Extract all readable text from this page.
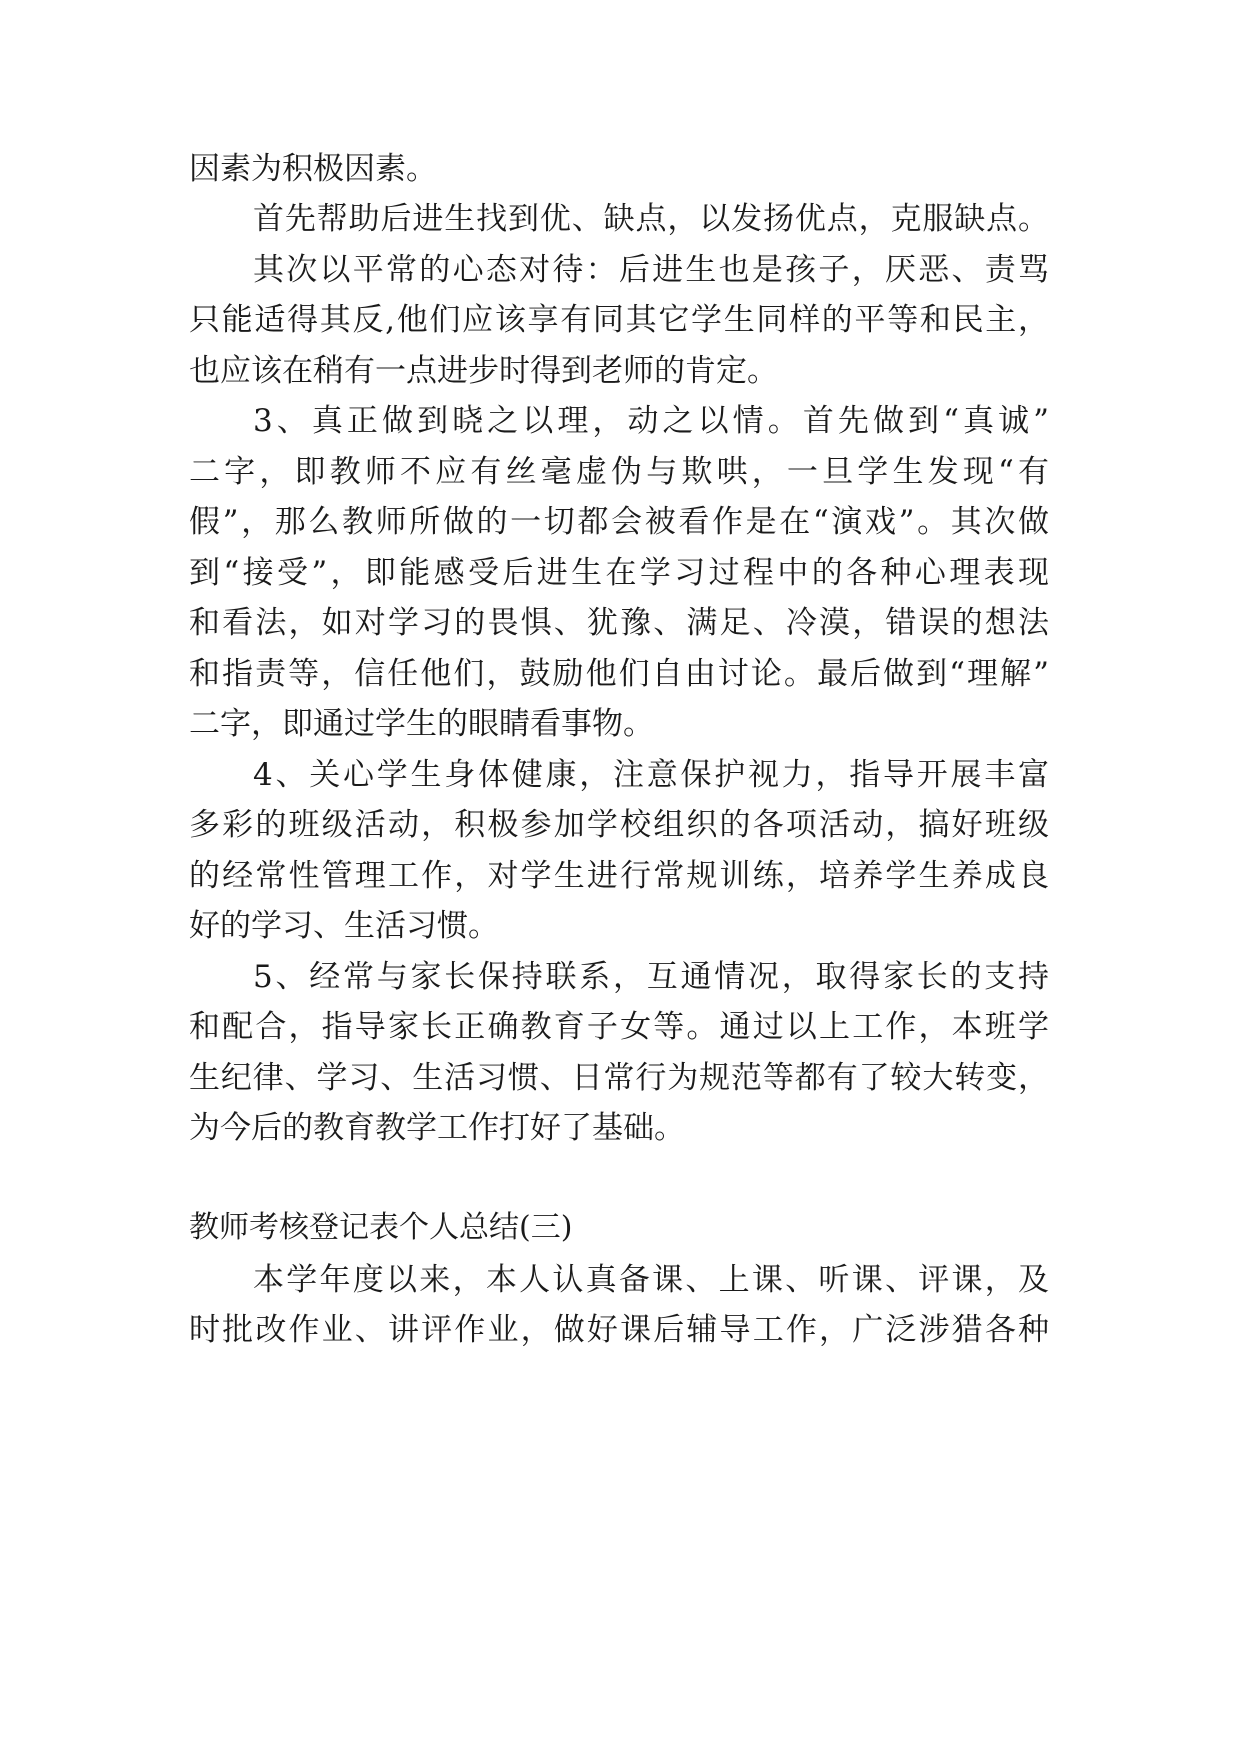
因素为积极因素。
首先帮助后进生找到优、缺点，以发扬优点，克服缺点。
其次以平常的心态对待：后进生也是孩子，厌恶、责骂
只能适得其反,他们应该享有同其它学生同样的平等和民主，
也应该在稍有一点进步时得到老师的肯定。
3、真正做到晓之以理，动之以情。首先做到“真诚”
二字，即教师不应有丝毫虚伪与欺哄，一旦学生发现“有
假”，那么教师所做的一切都会被看作是在“演戏”。其次做
到“接受”，即能感受后进生在学习过程中的各种心理表现
和看法，如对学习的畏惧、犹豫、满足、冷漠，错误的想法
和指责等，信任他们，鼓励他们自由讨论。最后做到“理解”
二字，即通过学生的眼睛看事物。
4、关心学生身体健康，注意保护视力，指导开展丰富
多彩的班级活动，积极参加学校组织的各项活动，搞好班级
的经常性管理工作，对学生进行常规训练，培养学生养成良
好的学习、生活习惯。
5、经常与家长保持联系，互通情况，取得家长的支持
和配合，指导家长正确教育子女等。通过以上工作，本班学
生纪律、学习、生活习惯、日常行为规范等都有了较大转变，
为今后的教育教学工作打好了基础。
教师考核登记表个人总结(三)
本学年度以来，本人认真备课、上课、听课、评课，及
时批改作业、讲评作业，做好课后辅导工作，广泛涉猎各种
